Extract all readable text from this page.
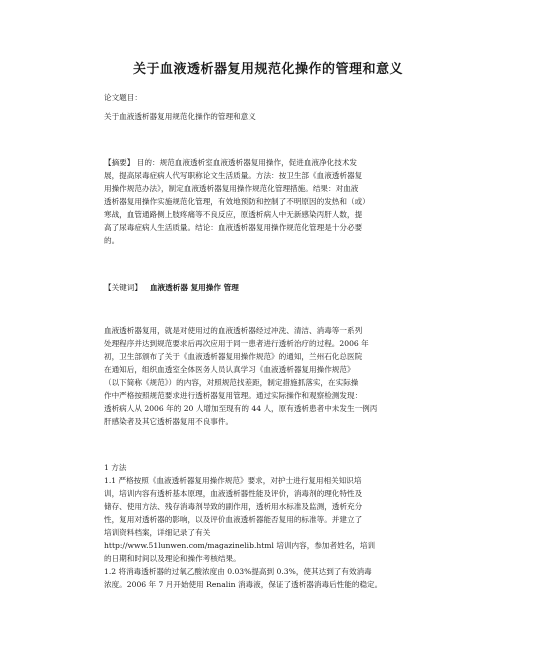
关于血液透析器复用规范化操作的管理和意义
论文题目：
关于血液透析器复用规范化操作的管理和意义
【摘要】 目的：规范血液透析室血液透析器复用操作，促进血液净化技术发
展，提高尿毒症病人代写职称论文生活质量。方法：按卫生部《血液透析器复
用操作规范办法》，制定血液透析器复用操作规范化管理措施。结果：对血液
透析器复用操作实施规范化管理，有效地预防和控制了不明原因的发热和（或）
寒战，血管通路侧上肢疼痛等不良反应，原透析病人中无新感染丙肝人数，提
高了尿毒症病人生活质量。结论：血液透析器复用操作规范化管理是十分必要
的。
【关键词】 血液透析器 复用操作 管理
血液透析器复用，就是对使用过的血液透析器经过冲洗、清洁、消毒等一系列
处理程序并达到规范要求后再次应用于同一患者进行透析治疗的过程。2006 年
初，卫生部颁布了关于《血液透析器复用操作规范》的通知，兰州石化总医院
在通知后，组织血透室全体医务人员认真学习《血液透析器复用操作规范》
（以下简称《规范》）的内容，对照规范找差距，制定措施抓落实，在实际操
作中严格按照规范要求进行透析器复用管理。通过实际操作和观察检测发现：
透析病人从 2006 年的 20 人增加至现有的 44 人，原有透析患者中未发生一例丙
肝感染者及其它透析器复用不良事件。
1 方法
1.1 严格按照《血液透析器复用操作规范》要求，对护士进行复用相关知识培
训，培训内容有透析基本原理，血液透析器性能及评价，消毒剂的理化特性及
储存、使用方法、残存消毒剂导致的副作用，透析用水标准及监测，透析充分
性，复用对透析器的影响，以及评价血液透析器能否复用的标准等。并建立了
培训资料档案，详细记录了有关
http://www.51lunwen.com/magazinelib.html 培训内容，参加者姓名，培训
的日期和时间以及理论和操作考核结果。
1.2 将消毒透析器的过氧乙酸浓度由 0.03%提高到 0.3%，使其达到了有效消毒
浓度。2006 年 7 月开始使用 Renalin 消毒液，保证了透析器消毒后性能的稳定。
